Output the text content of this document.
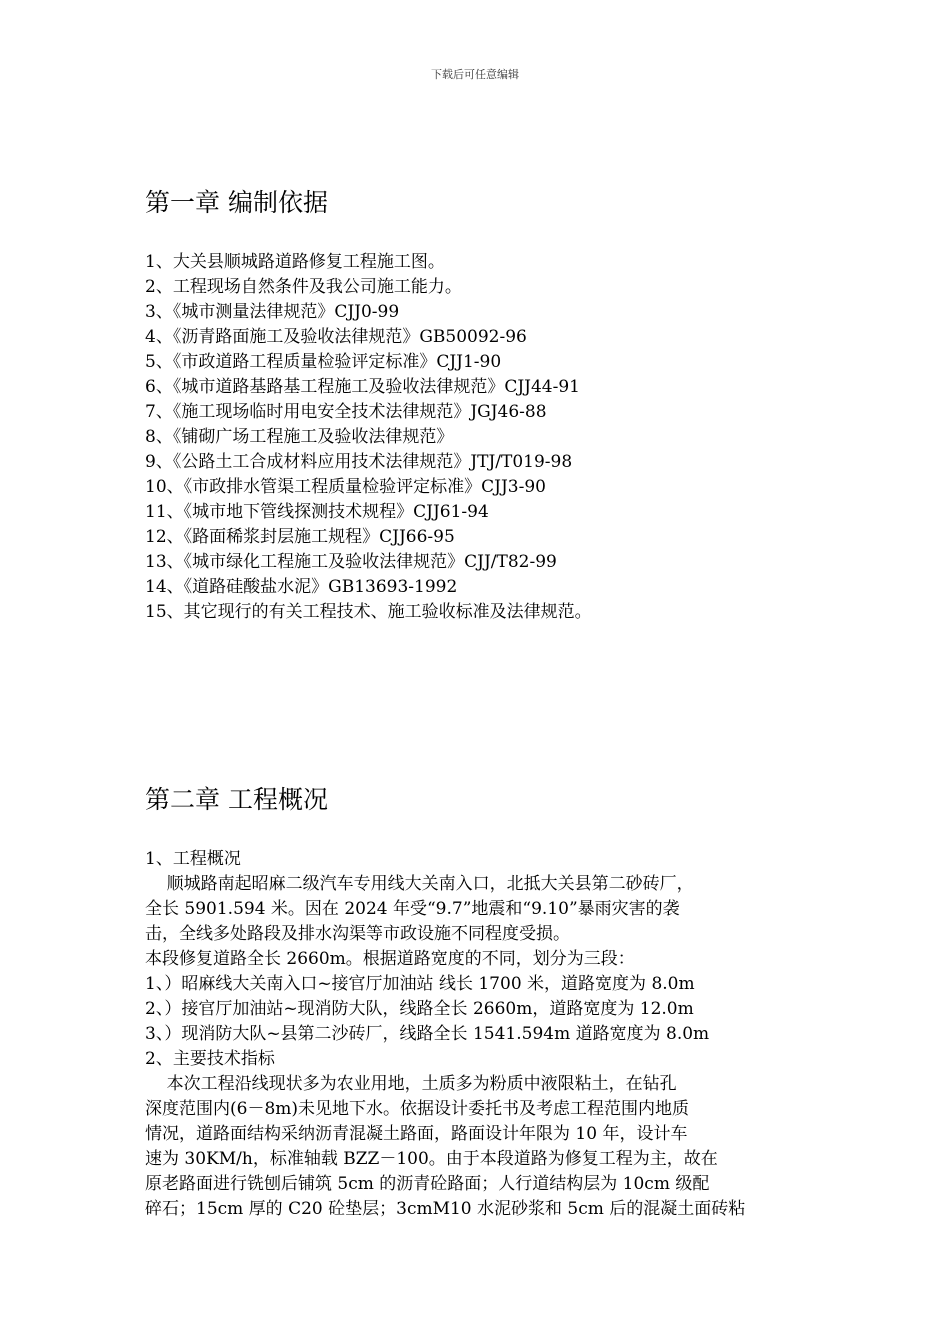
下载后可任意编辑
第一章 编制依据
1、大关县顺城路道路修复工程施工图。
2、工程现场自然条件及我公司施工能力。
3、《城市测量法律规范》CJJ0-99
4、《沥青路面施工及验收法律规范》GB50092-96
5、《市政道路工程质量检验评定标准》CJJ1-90
6、《城市道路基路基工程施工及验收法律规范》CJJ44-91
7、《施工现场临时用电安全技术法律规范》JGJ46-88
8、《铺砌广场工程施工及验收法律规范》
9、《公路土工合成材料应用技术法律规范》JTJ/T019-98
10、《市政排水管渠工程质量检验评定标准》CJJ3-90
11、《城市地下管线探测技术规程》CJJ61-94
12、《路面稀浆封层施工规程》CJJ66-95
13、《城市绿化工程施工及验收法律规范》CJJ/T82-99
14、《道路硅酸盐水泥》GB13693-1992
15、其它现行的有关工程技术、施工验收标准及法律规范。
第二章 工程概况
1、工程概况
顺城路南起昭麻二级汽车专用线大关南入口，北抵大关县第二砂砖厂，
全长 5901.594 米。因在 2024 年受“9.7”地震和“9.10”暴雨灾害的袭
击，全线多处路段及排水沟渠等市政设施不同程度受损。
本段修复道路全长 2660m。根据道路宽度的不同，划分为三段：
1、）昭麻线大关南入口~接官厅加油站 线长 1700 米，道路宽度为 8.0m
2、）接官厅加油站~现消防大队，线路全长 2660m，道路宽度为 12.0m
3、）现消防大队~县第二沙砖厂，线路全长 1541.594m 道路宽度为 8.0m
2、主要技术指标
本次工程沿线现状多为农业用地，土质多为粉质中液限粘土，在钻孔
深度范围内(6－8m)未见地下水。依据设计委托书及考虑工程范围内地质
情况，道路面结构采纳沥青混凝土路面，路面设计年限为 10 年，设计车
速为 30KM/h，标准轴载 BZZ－100。由于本段道路为修复工程为主，故在
原老路面进行铣刨后铺筑 5cm 的沥青砼路面；人行道结构层为 10cm 级配
碎石；15cm 厚的 C20 砼垫层；3cmM10 水泥砂浆和 5cm 后的混凝土面砖粘
